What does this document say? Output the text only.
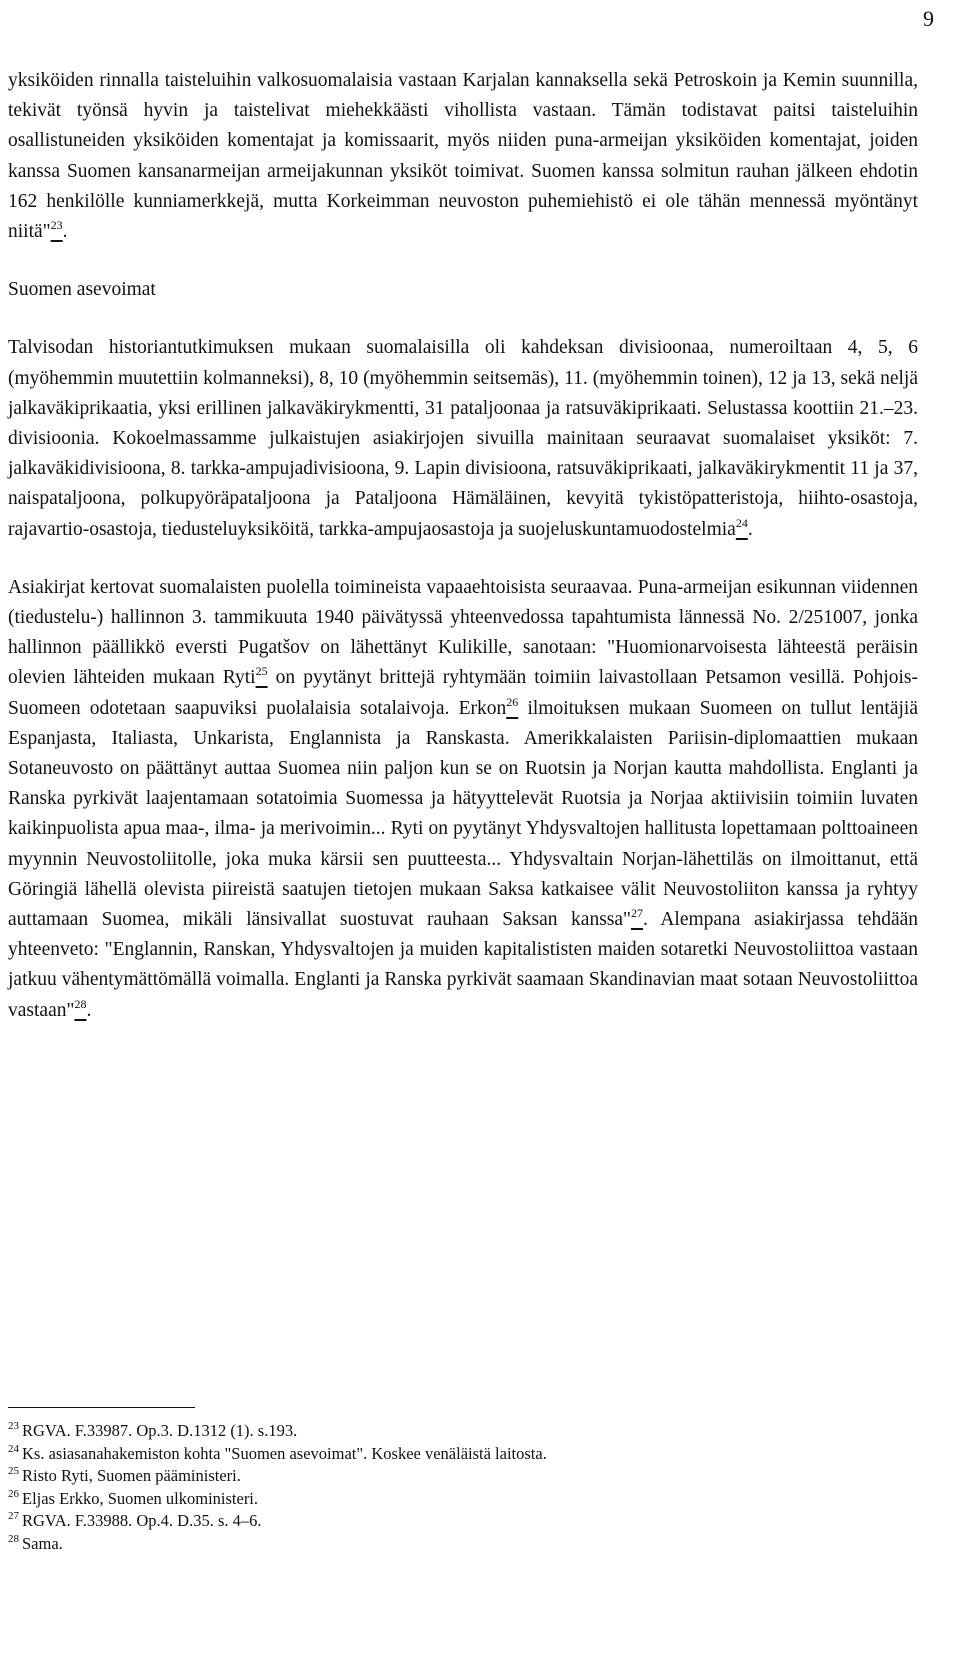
9

yksiköiden rinnalla taisteluihin valkosuomalaisia vastaan Karjalan kannaksella sekä Petroskoin ja Kemin suunnilla, tekivät työnsä hyvin ja taistelivat miehekkäästi vihollista vastaan. Tämän todistavat paitsi taisteluihin osallistuneiden yksiköiden komentajat ja komissaarit, myös niiden puna-armeijan yksiköiden komentajat, joiden kanssa Suomen kansanarmeijan armeijakunnan yksiköt toimivat. Suomen kanssa solmitun rauhan jälkeen ehdotin 162 henkilölle kunniamerkkejä, mutta Korkeimman neuvoston puhemiehistö ei ole tähän mennessä myöntänyt niitä"$^{23}$.

Suomen asevoimat

Talvisodan historiantutkimuksen mukaan suomalaisilla oli kahdeksan divisioonaa, numeroiltaan 4, 5, 6 (myöhemmin muutettiin kolmanneksi), 8, 10 (myöhemmin seitsemäs), 11. (myöhemmin toinen), 12 ja 13, sekä neljä jalkaväkiprikaatia, yksi erillinen jalkaväkirykmentti, 31 pataljoonaa ja ratsuväkiprikaati. Selustassa koottiin 21.–23. divisioonia. Kokoelmassamme julkaistujen asiakirjojen sivuilla mainitaan seuraavat suomalaiset yksiköt: 7. jalkaväkidivisioona, 8. tarkka-ampujadivisioona, 9. Lapin divisioona, ratsuväkiprikaati, jalkaväkirykmentit 11 ja 37, naispataljoona, polkupyöräpataljoona ja Pataljoona Hämäläinen, kevyitä tykistöpatteristoja, hiihto-osastoja, rajavartio-osastoja, tiedusteluyksiköitä, tarkka-ampujaosastoja ja suojeluskuntamuodostelmia$^{24}$.

Asiakirjat kertovat suomalaisten puolella toimineista vapaaehtoisista seuraavaa. Puna-armeijan esikunnan viidennen (tiedustelu-) hallinnon 3. tammikuuta 1940 päivätyssä yhteenvedossa tapahtumista lännessä No. 2/251007, jonka hallinnon päällikkö eversti Pugatšov on lähettänyt Kulikille, sanotaan: "Huomionarvoisesta lähteestä peräisin olevien lähteiden mukaan Ryti$^{25}$ on pyytänyt brittejä ryhtymään toimiin laivastollaan Petsamon vesillä. Pohjois-Suomeen odotetaan saapuviksi puolalaisia sotalaivoja. Erkon$^{26}$ ilmoituksen mukaan Suomeen on tullut lentäjiä Espanjasta, Italiasta, Unkarista, Englannista ja Ranskasta. Amerikkalaisten Pariisin-diplomaattien mukaan Sotaneuvosto on päättänyt auttaa Suomea niin paljon kun se on Ruotsin ja Norjan kautta mahdollista. Englanti ja Ranska pyrkivät laajentamaan sotatoimia Suomessa ja hätyyttelevät Ruotsia ja Norjaa aktiivisiin toimiin luvaten kaikinpuolista apua maa-, ilma- ja merivoimin... Ryti on pyytänyt Yhdysvaltojen hallitusta lopettamaan polttoaineen myynnin Neuvostoliitolle, joka muka kärsii sen puutteesta... Yhdysvaltain Norjan-lähettiläs on ilmoittanut, että Göringiä lähellä olevista piireistä saatujen tietojen mukaan Saksa katkaisee välit Neuvostoliiton kanssa ja ryhtyy auttamaan Suomea, mikäli länsivallat suostuvat rauhaan Saksan kanssa"$^{27}$. Alempana asiakirjassa tehdään yhteenveto: "Englannin, Ranskan, Yhdysvaltojen ja muiden kapitalististen maiden sotaretki Neuvostoliittoa vastaan jatkuu vähentymättömällä voimalla. Englanti ja Ranska pyrkivät saamaan Skandinavian maat sotaan Neuvostoliittoa vastaan"$^{28}$.

$^{23}$ RGVA. F.33987. Op.3. D.1312 (1). s.193.

$^{24}$ Ks. asiasanahakemiston kohta "Suomen asevoimat". Koskee venäläistä laitosta.

$^{25}$ Risto Ryti, Suomen pääministeri.

$^{26}$ Eljas Erkko, Suomen ulkoministeri.

$^{27}$ RGVA. F.33988. Op.4. D.35. s. 4–6.

$^{28}$ Sama.
